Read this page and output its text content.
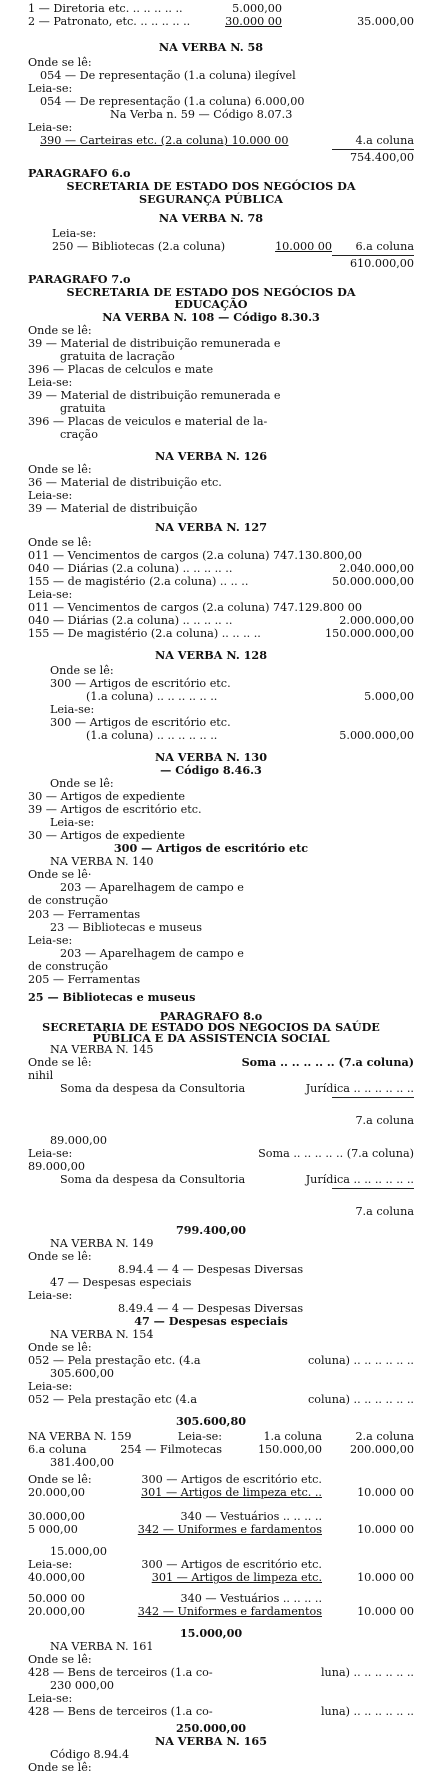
1 — Diretoria etc. .. .. .. .. ..	5.000,00
2 — Patronato, etc. .. .. .. .. ..	30.000 00	35.000,00
NA VERBA N. 58
Onde se lê:
054 — De representação (1.a coluna) ilegível
Leia-se:
054 — De representação (1.a coluna) 6.000,00
Na Verba n. 59 — Código 8.07.3
Leia-se:
390 — Carteiras etc. (2.a coluna) 10.000 00	4.a coluna
754.400,00
PARAGRAFO 6.o
SECRETARIA DE ESTADO DOS NEGÓCIOS DA
SEGURANÇA PÚBLICA
NA VERBA N. 78
Leia-se:
250 — Bibliotecas (2.a coluna)	10.000 00 6.a coluna
610.000,00
PARAGRAFO 7.o
SECRETARIA DE ESTADO DOS NEGÓCIOS DA
EDUCAÇÃO
NA VERBA N. 108 — Código 8.30.3
Onde se lê:
39 — Material de distribuição remunerada e
gratuita de lacração
396 — Placas de celculos e mate
Leia-se:
39 — Material de distribuição remunerada e
gratuita
396 — Placas de veiculos e material de la-
cração
NA VERBA N. 126
Onde se lê:
36 — Material de distribuição etc.
Leia-se:
39 — Material de distribuição
NA VERBA N. 127
Onde se lê:
011 — Vencimentos de cargos (2.a coluna) 747.130.800,00
040 — Diárias (2.a coluna) .. .. .. .. ..	2.040.000,00
155 — de magistério (2.a coluna) .. .. ..	50.000.000,00
Leia-se:
011 — Vencimentos de cargos (2.a coluna) 747.129.800 00
040 — Diárias (2.a coluna) .. .. .. .. ..	2.000.000,00
155 — De magistério (2.a coluna) .. .. .. ..	150.000.000,00
NA VERBA N. 128
Onde se lê:
300 — Artigos de escritório etc.
(1.a coluna) .. .. .. .. .. ..	5.000,00
Leia-se:
300 — Artigos de escritório etc.
(1.a coluna) .. .. .. .. .. ..	5.000.000,00
NA VERBA N. 130
— Código 8.46.3
Onde se lê:
30 — Artigos de expediente
39 — Artigos de escritório etc.
Leia-se:
30 — Artigos de expediente
300 — Artigos de escritório etc
NA VERBA N. 140
Onde se lê·
203 — Aparelhagem de campo e
de construção
203 — Ferramentas
23 — Bibliotecas e museus
Leia-se:
203 — Aparelhagem de campo e
de construção
205 — Ferramentas
25 — Bibliotecas e museus
PARAGRAFO 8.o
SECRETARIA DE ESTADO DOS NEGOCIOS DA SAÚDE
PÚBLICA E DA ASSISTENCIA SOCIAL
NA VERBA N. 145
Onde se lê:	Soma .. .. .. .. .. (7.a coluna)
nihil
Soma da despesa da Consultoria	Jurídica .. .. .. .. .. ..
7.a coluna
89.000,00
Leia-se:	Soma .. .. .. .. .. (7.a coluna)
89.000,00
Soma da despesa da Consultoria	Jurídica .. .. .. .. .. ..
7.a coluna
799.400,00
NA VERBA N. 149
Onde se lê:
8.94.4 — 4 — Despesas Diversas
47 — Despesas especiais
Leia-se:
8.49.4 — 4 — Despesas Diversas
47 — Despesas especiais
NA VERBA N. 154
Onde se lê:
052 — Pela prestação etc. (4.a	coluna) .. .. .. .. .. ..
305.600,00
Leia-se:
052 — Pela prestação etc (4.a	coluna) .. .. .. .. .. ..
305.600,80
NA VERBA N. 159	Leia-se:	1.a coluna	2.a coluna
6.a coluna	254 — Filmotecas	150.000,00 200.000,00
381.400,00
Onde se lê:	300 — Artigos de escritório etc.
20.000,00	301 — Artigos de limpeza etc. ..	10.000 00
30.000,00	340 — Vestuários .. .. .. ..
5 000,00	342 — Uniformes e fardamentos	10.000 00
15.000,00
Leia-se:	300 — Artigos de escritório etc.
40.000,00	301 — Artigos de limpeza etc.	10.000 00
50.000 00	340 — Vestuários .. .. .. ..
20.000,00	342 — Uniformes e fardamentos	10.000 00
15.000,00
NA VERBA N. 161
Onde se lê:
428 — Bens de terceiros (1.a co-	luna) .. .. .. .. .. ..
230 000,00
Leia-se:
428 — Bens de terceiros (1.a co-	luna) .. .. .. .. .. ..
250.000,00
NA VERBA N. 165
Código 8.94.4
Onde se lê:
